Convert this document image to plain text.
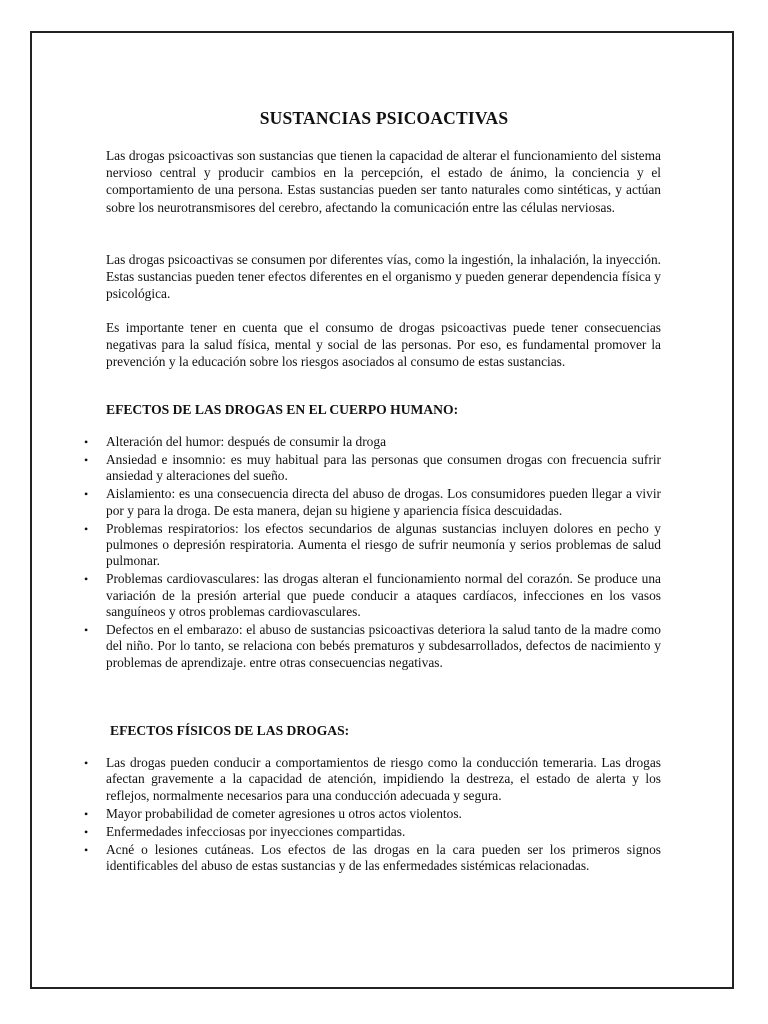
SUSTANCIAS PSICOACTIVAS

Las drogas psicoactivas son sustancias que tienen la capacidad de alterar el funcionamiento del sistema nervioso central y producir cambios en la percepción, el estado de ánimo, la conciencia y el comportamiento de una persona. Estas sustancias pueden ser tanto naturales como sintéticas, y actúan sobre los neurotransmisores del cerebro, afectando la comunicación entre las células nerviosas.

Las drogas psicoactivas se consumen por diferentes vías, como la ingestión, la inhalación, la inyección. Estas sustancias pueden tener efectos diferentes en el organismo y pueden generar dependencia física y psicológica.

Es importante tener en cuenta que el consumo de drogas psicoactivas puede tener consecuencias negativas para la salud física, mental y social de las personas. Por eso, es fundamental promover la prevención y la educación sobre los riesgos asociados al consumo de estas sustancias.

EFECTOS DE LAS DROGAS EN EL CUERPO HUMANO:
• Alteración del humor: después de consumir la droga
• Ansiedad e insomnio: es muy habitual para las personas que consumen drogas con frecuencia sufrir ansiedad y alteraciones del sueño.
• Aislamiento: es una consecuencia directa del abuso de drogas. Los consumidores pueden llegar a vivir por y para la droga. De esta manera, dejan su higiene y apariencia física descuidadas.
• Problemas respiratorios: los efectos secundarios de algunas sustancias incluyen dolores en pecho y pulmones o depresión respiratoria. Aumenta el riesgo de sufrir neumonía y serios problemas de salud pulmonar.
• Problemas cardiovasculares: las drogas alteran el funcionamiento normal del corazón. Se produce una variación de la presión arterial que puede conducir a ataques cardíacos, infecciones en los vasos sanguíneos y otros problemas cardiovasculares.
• Defectos en el embarazo: el abuso de sustancias psicoactivas deteriora la salud tanto de la madre como del niño. Por lo tanto, se relaciona con bebés prematuros y subdesarrollados, defectos de nacimiento y problemas de aprendizaje. entre otras consecuencias negativas.
EFECTOS FÍSICOS DE LAS DROGAS:
• Las drogas pueden conducir a comportamientos de riesgo como la conducción temeraria. Las drogas afectan gravemente a la capacidad de atención, impidiendo la destreza, el estado de alerta y los reflejos, normalmente necesarios para una conducción adecuada y segura.
• Mayor probabilidad de cometer agresiones u otros actos violentos.
• Enfermedades infecciosas por inyecciones compartidas.
• Acné o lesiones cutáneas. Los efectos de las drogas en la cara pueden ser los primeros signos identificables del abuso de estas sustancias y de las enfermedades sistémicas relacionadas.
